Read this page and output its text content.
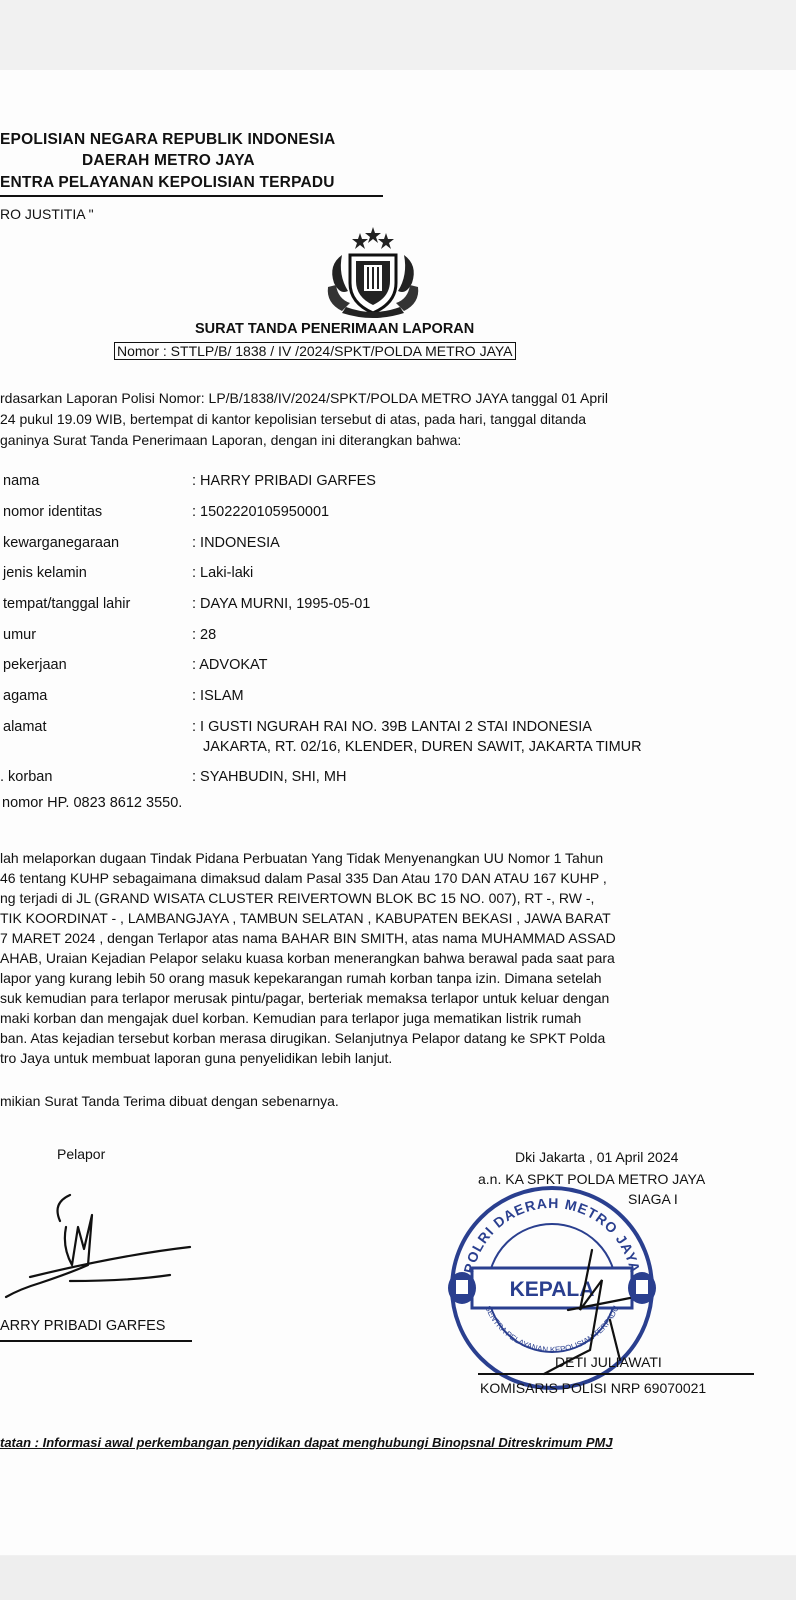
EPOLISIAN NEGARA REPUBLIK INDONESIA
DAERAH METRO JAYA
ENTRA PELAYANAN KEPOLISIAN TERPADU
RO JUSTITIA "
SURAT TANDA PENERIMAAN LAPORAN
Nomor : STTLP/B/ 1838 / IV /2024/SPKT/POLDA METRO JAYA
rdasarkan Laporan Polisi Nomor: LP/B/1838/IV/2024/SPKT/POLDA METRO JAYA tanggal 01 April
24 pukul 19.09 WIB, bertempat di kantor kepolisian tersebut di atas, pada hari, tanggal ditanda
ganinya Surat Tanda Penerimaan Laporan, dengan ini diterangkan bahwa:
nama	: HARRY PRIBADI GARFES
nomor identitas	: 1502220105950001
kewarganegaraan	: INDONESIA
jenis kelamin	: Laki-laki
tempat/tanggal lahir	: DAYA MURNI, 1995-05-01
umur	: 28
pekerjaan	: ADVOKAT
agama	: ISLAM
alamat	: I GUSTI NGURAH RAI NO. 39B LANTAI 2 STAI INDONESIA
JAKARTA, RT. 02/16, KLENDER, DUREN SAWIT, JAKARTA TIMUR
. korban	: SYAHBUDIN, SHI, MH
nomor HP. 0823 8612 3550.
lah melaporkan dugaan Tindak Pidana Perbuatan Yang Tidak Menyenangkan UU Nomor 1 Tahun
46 tentang KUHP sebagaimana dimaksud dalam Pasal 335 Dan Atau 170 DAN ATAU 167 KUHP ,
ng terjadi di JL (GRAND WISATA CLUSTER REIVERTOWN BLOK BC 15 NO. 007), RT -, RW -,
TIK KOORDINAT - , LAMBANGJAYA , TAMBUN SELATAN , KABUPATEN BEKASI , JAWA BARAT
7 MARET 2024 , dengan Terlapor atas nama BAHAR BIN SMITH, atas nama MUHAMMAD ASSAD
AHAB, Uraian Kejadian Pelapor selaku kuasa korban menerangkan bahwa berawal pada saat para
lapor yang kurang lebih 50 orang masuk kepekarangan rumah korban tanpa izin. Dimana setelah
suk kemudian para terlapor merusak pintu/pagar, berteriak memaksa terlapor untuk keluar dengan
maki korban dan mengajak duel korban. Kemudian para terlapor juga mematikan listrik rumah
ban. Atas kejadian tersebut korban merasa dirugikan. Selanjutnya Pelapor datang ke SPKT Polda
tro Jaya untuk membuat laporan guna penyelidikan lebih lanjut.
mikian Surat Tanda Terima dibuat dengan sebenarnya.
Pelapor
ARRY PRIBADI GARFES
Dki Jakarta , 01 April 2024
a.n. KA SPKT POLDA METRO JAYA
SIAGA I
POLRI DAERAH METRO JAYA
KEPALA
SENTRA PELAYANAN KEPOLISIAN TERPADU
DETI JULIAWATI
KOMISARIS POLISI NRP 69070021
tatan : Informasi awal perkembangan penyidikan dapat menghubungi Binopsnal Ditreskrimum PMJ
